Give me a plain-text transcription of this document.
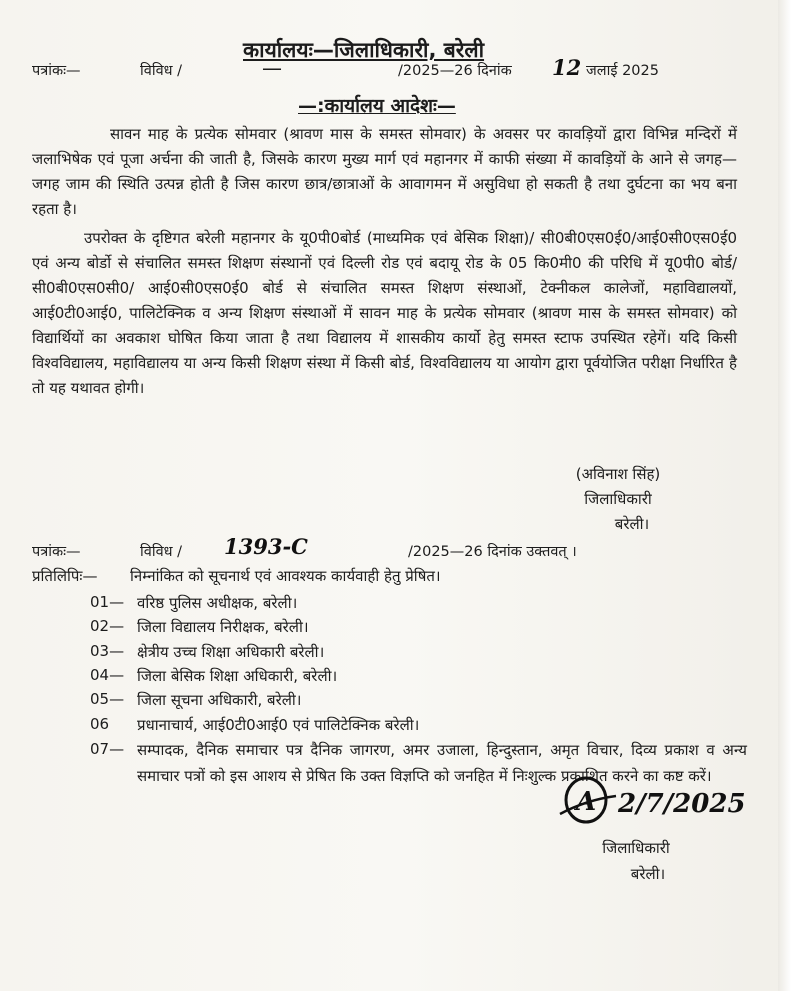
कार्यालयः—जिलाधिकारी, बरेली
पत्रांकः—	विविध /	—	/2025—26 दिनांक 12 जलाई 2025
—:कार्यालय आदेशः—
सावन माह के प्रत्येक सोमवार (श्रावण मास के समस्त सोमवार) के अवसर पर कावड़ियों द्वारा विभिन्न मन्दिरों में जलाभिषेक एवं पूजा अर्चना की जाती है, जिसके कारण मुख्य मार्ग एवं महानगर में काफी संख्या में कावड़ियों के आने से जगह—जगह जाम की स्थिति उत्पन्न होती है जिस कारण छात्र/छात्राओं के आवागमन में असुविधा हो सकती है तथा दुर्घटना का भय बना रहता है।
उपरोक्त के दृष्टिगत बरेली महानगर के यू0पी0बोर्ड (माध्यमिक एवं बेसिक शिक्षा)/ सी0बी0एस0ई0/आई0सी0एस0ई0 एवं अन्य बोर्डो से संचालित समस्त शिक्षण संस्थानों एवं दिल्ली रोड एवं बदायू रोड के 05 कि0मी0 की परिधि में यू0पी0 बोर्ड/सी0बी0एस0सी0/ आई0सी0एस0ई0 बोर्ड से संचालित समस्त शिक्षण संस्थाओं, टेक्नीकल कालेजों, महाविद्यालयों, आई0टी0आई0, पालिटेक्निक व अन्य शिक्षण संस्थाओं में सावन माह के प्रत्येक सोमवार (श्रावण मास के समस्त सोमवार) को विद्यार्थियों का अवकाश घोषित किया जाता है तथा विद्यालय में शासकीय कार्यो हेतु समस्त स्टाफ उपस्थित रहेगें। यदि किसी विश्वविद्यालय, महाविद्यालय या अन्य किसी शिक्षण संस्था में किसी बोर्ड, विश्वविद्यालय या आयोग द्वारा पूर्वयोजित परीक्षा निर्धारित है तो यह यथावत होगी।
(अविनाश सिंह)
जिलाधिकारी
बरेली।
पत्रांकः—	विविध / 1393-C	/2025—26 दिनांक उक्तवत् ।
प्रतिलिपिः— निम्नांकित को सूचनार्थ एवं आवश्यक कार्यवाही हेतु प्रेषित।
01— वरिष्ठ पुलिस अधीक्षक, बरेली।
02— जिला विद्यालय निरीक्षक, बरेली।
03— क्षेत्रीय उच्च शिक्षा अधिकारी बरेली।
04— जिला बेसिक शिक्षा अधिकारी, बरेली।
05— जिला सूचना अधिकारी, बरेली।
06 प्रधानाचार्य, आई0टी0आई0 एवं पालिटेक्निक बरेली।
07— सम्पादक, दैनिक समाचार पत्र दैनिक जागरण, अमर उजाला, हिन्दुस्तान, अमृत विचार, दिव्य प्रकाश व अन्य समाचार पत्रों को इस आशय से प्रेषित कि उक्त विज्ञप्ति को जनहित में निःशुल्क प्रकाशित करने का कष्ट करें।
A 2/7/2025
जिलाधिकारी
बरेली।
